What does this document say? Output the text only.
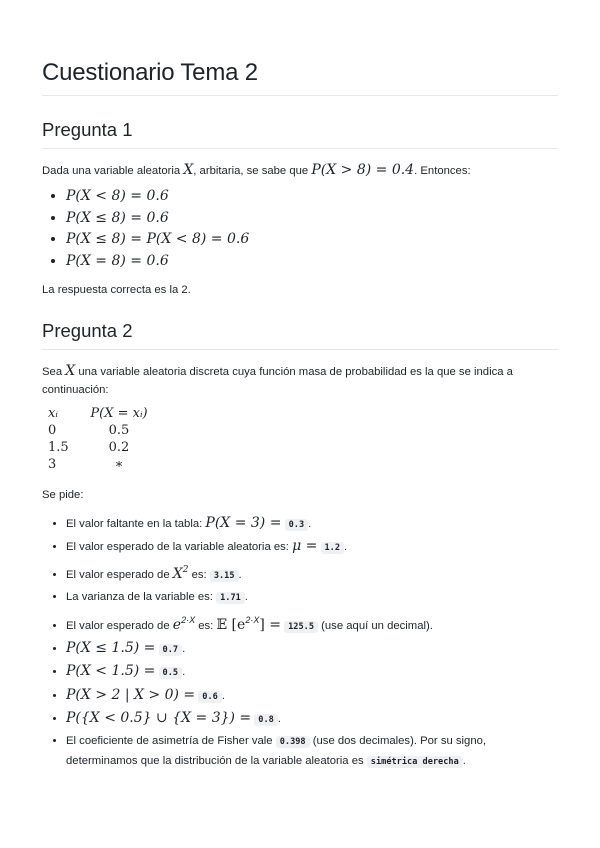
Cuestionario Tema 2
Pregunta 1

Dada una variable aleatoria X, arbitaria, se sabe que P(X > 8) = 0.4. Entonces:

• P(X < 8) = 0.6
• P(X ≤ 8) = 0.6
• P(X ≤ 8) = P(X < 8) = 0.6
• P(X = 8) = 0.6

La respuesta correcta es la 2.

Pregunta 2

Sea X una variable aleatoria discreta cuya función masa de probabilidad es la que se indica a continuación:

xᵢ	P(X = xᵢ)
0	0.5
1.5	0.2
3	∗

Se pide:

• El valor faltante en la tabla: P(X = 3) = 0.3 .
• El valor esperado de la variable aleatoria es: μ = 1.2 .
• El valor esperado de $X^2$ es: 3.15 .
• La varianza de la variable es: 1.71 .
• El valor esperado de $e^{2\cdot X}$ es: 𝔼 $[e^{2\cdot X}] = 125.5$ (use aquí un decimal).
• P(X ≤ 1.5) = 0.7 .
• P(X < 1.5) = 0.5 .
• P(X > 2 | X > 0) = 0.6 .
• P({X < 0.5} ∪ {X = 3}) = 0.8 .
• El coeficiente de asimetría de Fisher vale 0.398 (use dos decimales). Por su signo, determinamos que la distribución de la variable aleatoria es simétrica derecha .
